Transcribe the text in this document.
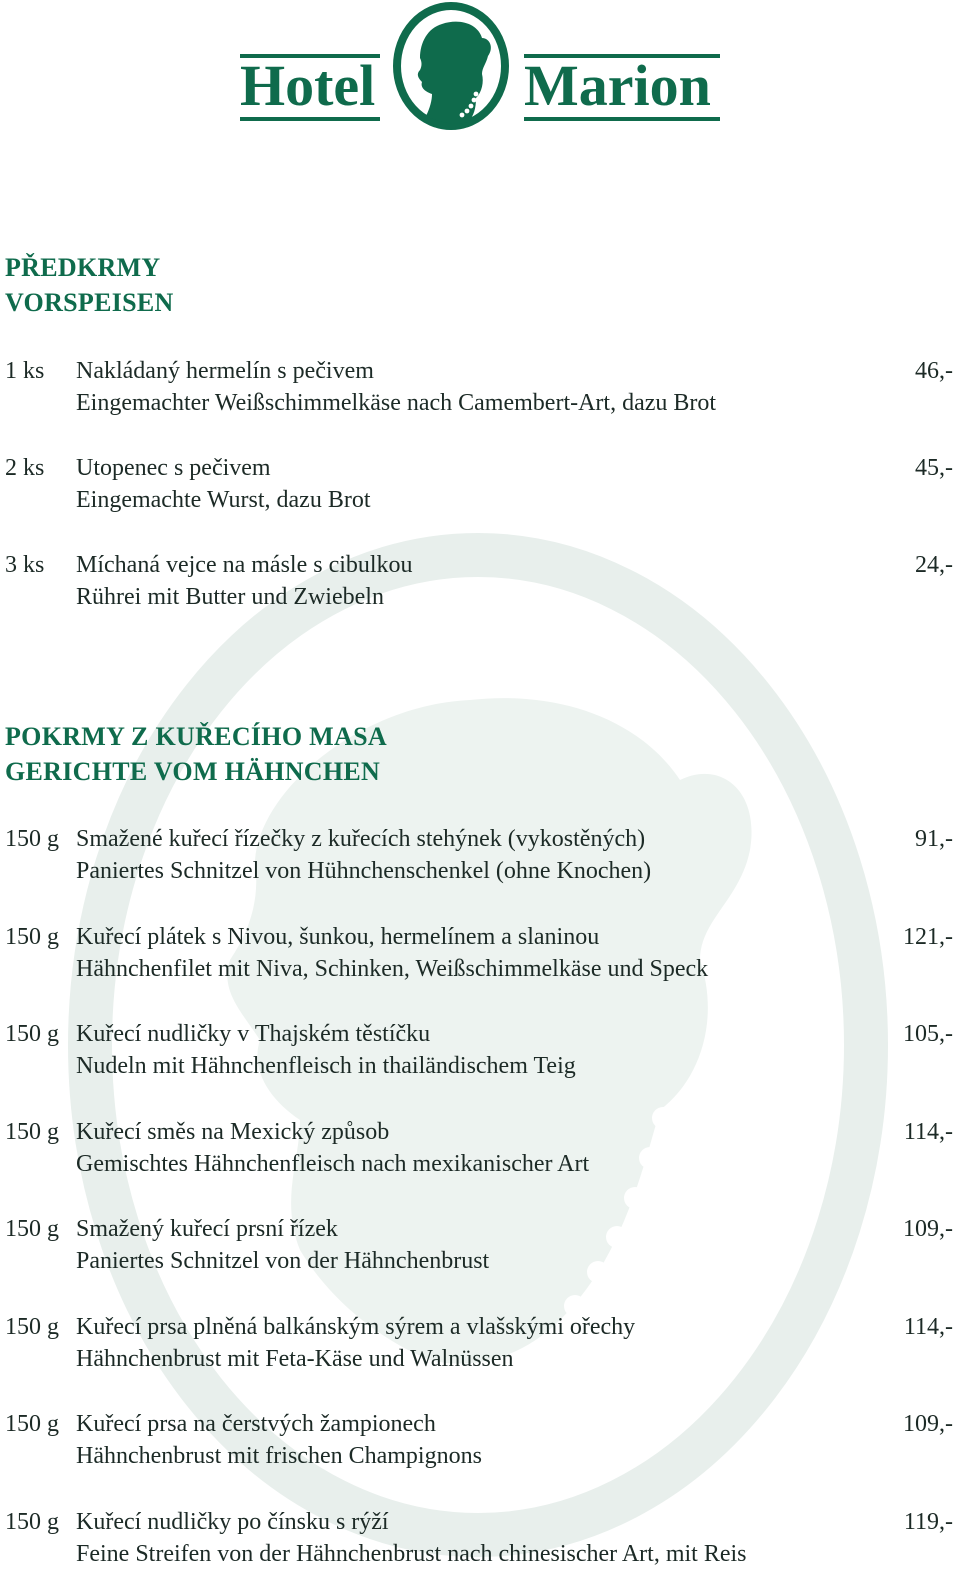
Hotel	Marion
PŘEDKRMY
VORSPEISEN
1 ks Nakládaný hermelín s pečivem
Eingemachter Weißschimmelkäse nach Camembert-Art, dazu Brot
46,-
2 ks Utopenec s pečivem
Eingemachte Wurst, dazu Brot
45,-
3 ks Míchaná vejce na másle s cibulkou
Rührei mit Butter und Zwiebeln
24,-
POKRMY Z KUŘECÍHO MASA
GERICHTE VOM HÄHNCHEN
150 g Smažené kuřecí řízečky z kuřecích stehýnek (vykostěných)
Paniertes Schnitzel von Hühnchenschenkel (ohne Knochen)
91,-
150 g Kuřecí plátek s Nivou, šunkou, hermelínem a slaninou
Hähnchenfilet mit Niva, Schinken, Weißschimmelkäse und Speck
121,-
150 g Kuřecí nudličky v Thajském těstíčku
Nudeln mit Hähnchenfleisch in thailändischem Teig
105,-
150 g Kuřecí směs na Mexický způsob
Gemischtes Hähnchenfleisch nach mexikanischer Art
114,-
150 g Smažený kuřecí prsní řízek
Paniertes Schnitzel von der Hähnchenbrust
109,-
150 g Kuřecí prsa plněná balkánským sýrem a vlašskými ořechy
Hähnchenbrust mit Feta-Käse und Walnüssen
114,-
150 g Kuřecí prsa na čerstvých žampionech
Hähnchenbrust mit frischen Champignons
109,-
150 g Kuřecí nudličky po čínsku s rýží
Feine Streifen von der Hähnchenbrust nach chinesischer Art, mit Reis
119,-
